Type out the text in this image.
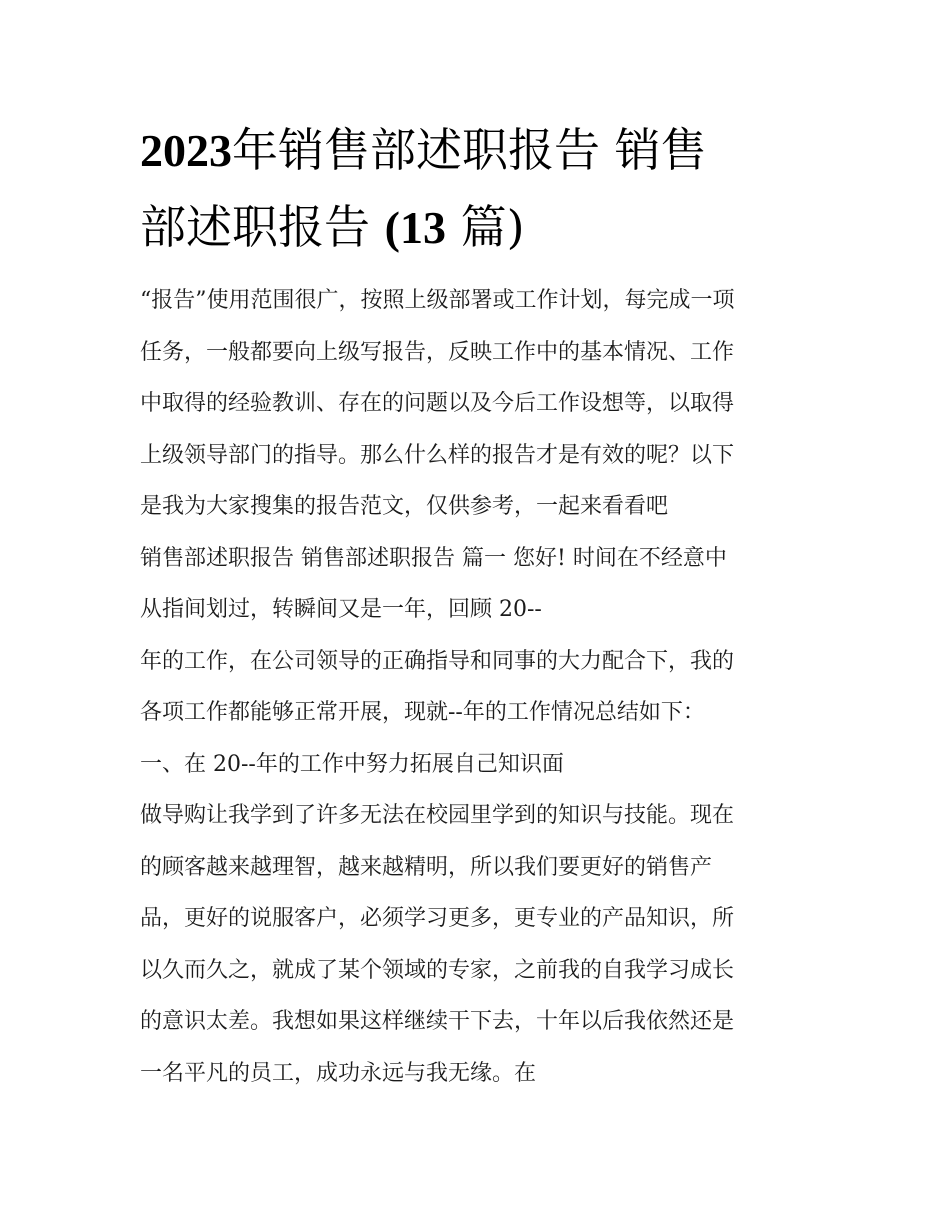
2023年销售部述职报告 销售
部述职报告 (13 篇)
“报告”使用范围很广，按照上级部署或工作计划，每完成一项
任务，一般都要向上级写报告，反映工作中的基本情况、工作
中取得的经验教训、存在的问题以及今后工作设想等，以取得
上级领导部门的指导。那么什么样的报告才是有效的呢？以下
是我为大家搜集的报告范文，仅供参考，一起来看看吧
销售部述职报告 销售部述职报告 篇一 您好! 时间在不经意中
从指间划过，转瞬间又是一年，回顾 20--
年的工作，在公司领导的正确指导和同事的大力配合下，我的
各项工作都能够正常开展，现就--年的工作情况总结如下：
一、在 20--年的工作中努力拓展自己知识面
做导购让我学到了许多无法在校园里学到的知识与技能。现在
的顾客越来越理智，越来越精明，所以我们要更好的销售产
品，更好的说服客户，必须学习更多，更专业的产品知识，所
以久而久之，就成了某个领域的专家，之前我的自我学习成长
的意识太差。我想如果这样继续干下去，十年以后我依然还是
一名平凡的员工，成功永远与我无缘。在
